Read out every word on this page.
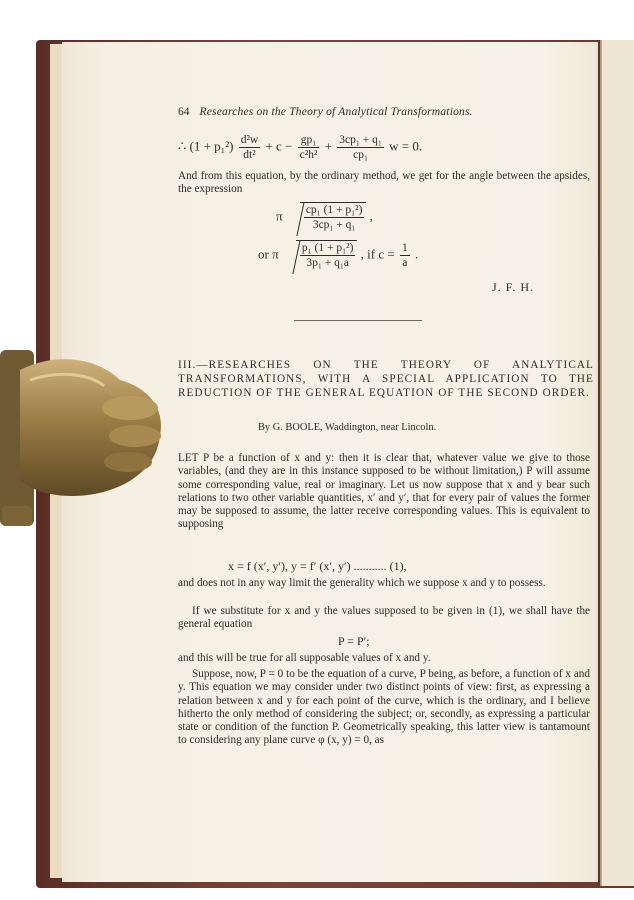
64 Researches on the Theory of Analytical Transformations.
∴ $(1 + p_1^2) \frac{\text{d²w}}{\text{dt²}} + c - \frac{\text{gp₁}}{\text{c²h²}} + \frac{\text{3cp₁ + q₁}}{\text{cp₁}}$ w = 0.

And from this equation, by the ordinary method, we get for the angle between the apsides, the expression

π $\frac{\text{cp₁ (1 + p₁²)}}{\text{3cp₁ + q₁}}$ ,
or π $\frac{\text{p₁ (1 + p₁²)}}{\text{3p₁ + q₁a}}$ , if $c = \frac{1}{a}$ .
J. F. H.
III.—RESEARCHES ON THE THEORY OF ANALYTICAL TRANSFORMATIONS, WITH A SPECIAL APPLICATION TO THE REDUCTION OF THE GENERAL EQUATION OF THE SECOND ORDER.
By G. BOOLE, Waddington, near Lincoln.

LET P be a function of x and y: then it is clear that, whatever value we give to those variables, (and they are in this instance supposed to be without limitation,) P will assume some corresponding value, real or imaginary. Let us now suppose that x and y bear such relations to two other variable quantities, x′ and y′, that for every pair of values the former may be supposed to assume, the latter receive corresponding values. This is equivalent to supposing

x = f (x′, y′), y = f′ (x′, y′) ........... (1),

and does not in any way limit the generality which we suppose x and y to possess.

If we substitute for x and y the values supposed to be given in (1), we shall have the general equation

P = P′;

and this will be true for all supposable values of x and y.

Suppose, now, P = 0 to be the equation of a curve, P being, as before, a function of x and y. This equation we may consider under two distinct points of view: first, as expressing a relation between x and y for each point of the curve, which is the ordinary, and I believe hitherto the only method of considering the subject; or, secondly, as expressing a particular state or condition of the function P. Geometrically speaking, this latter view is tantamount to considering any plane curve φ (x, y) = 0, as
